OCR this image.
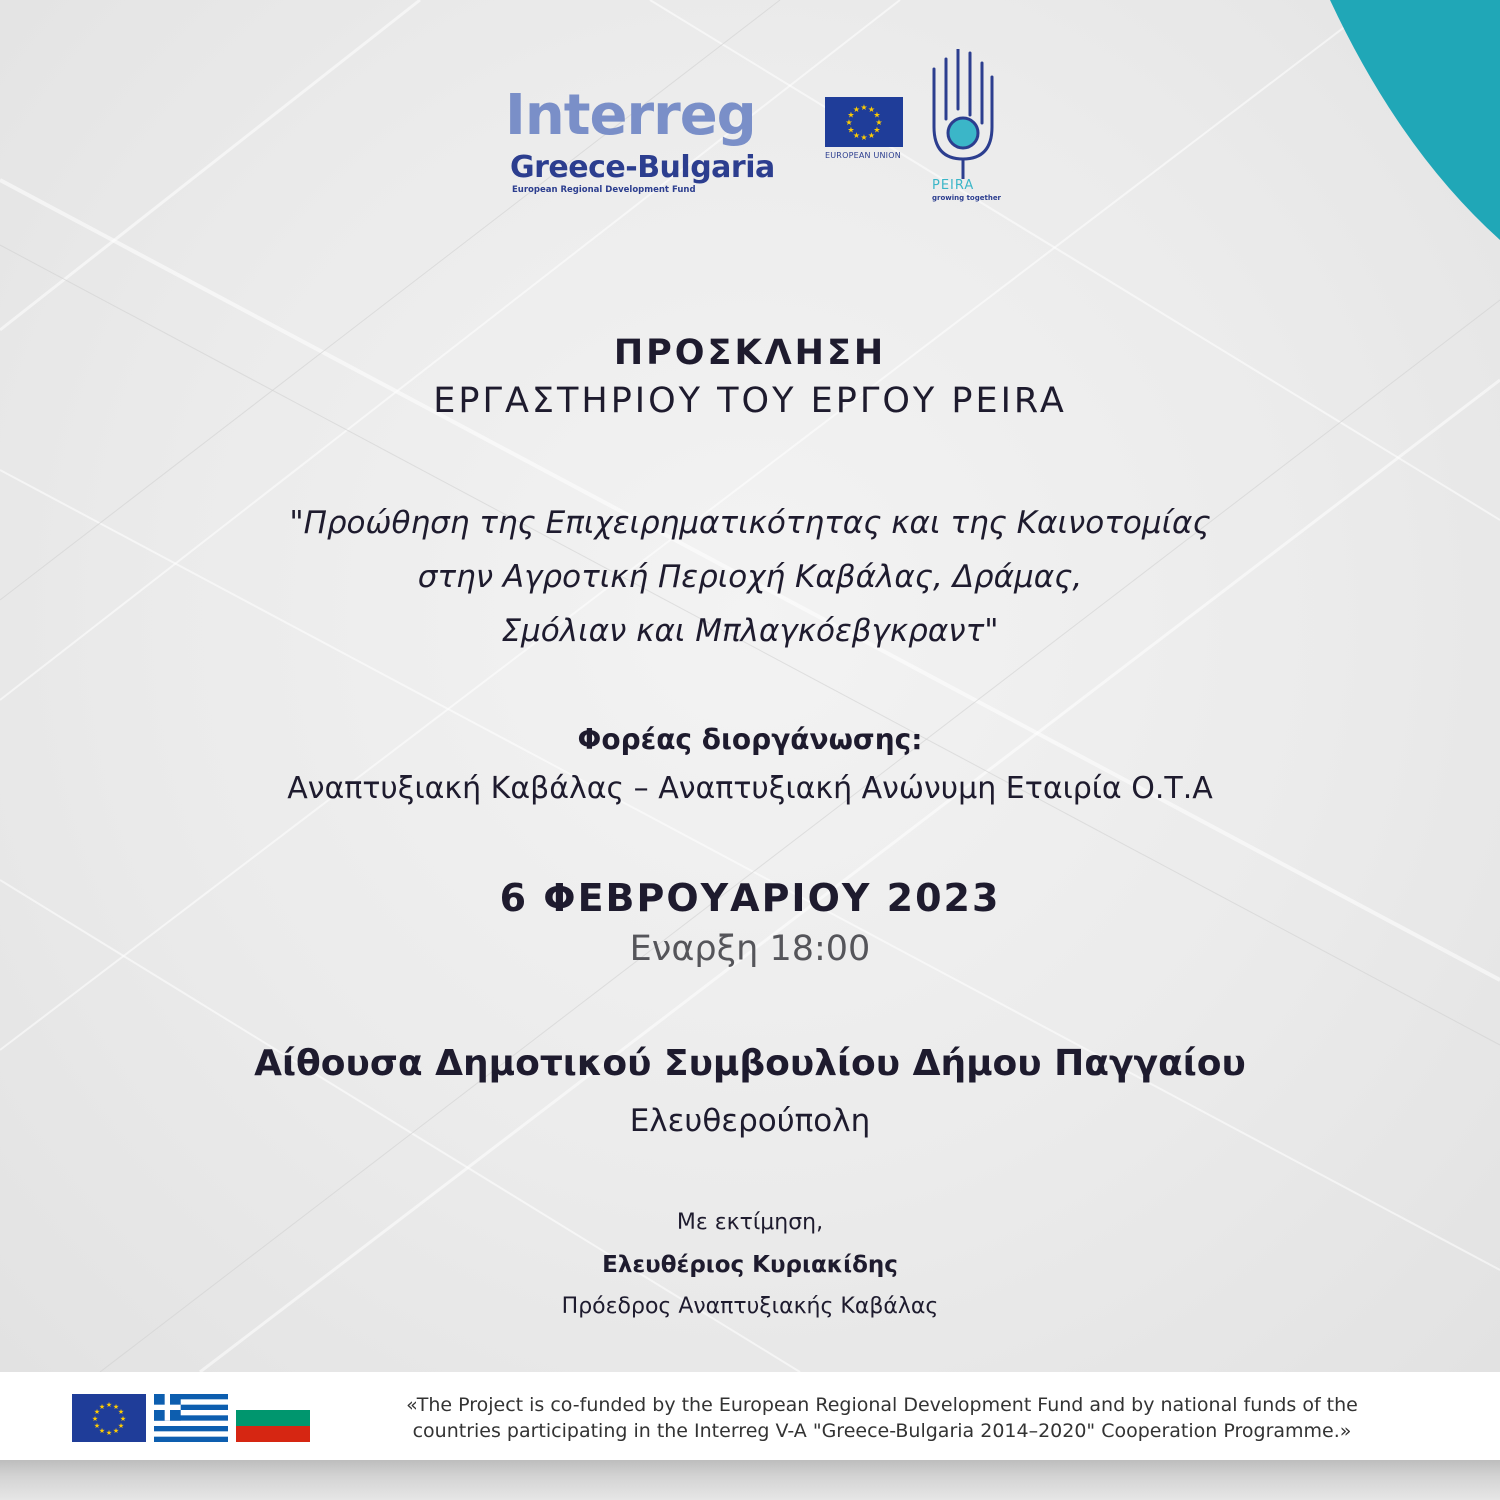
Interreg
Greece-Bulgaria
European Regional Development Fund
★ ★
★
★
★
★
★
★
★
★
★
★
EUROPEAN UNION
PEIRA
growing together
ΠΡΟΣΚΛΗΣΗ
ΕΡΓΑΣΤΗΡΙΟΥ ΤΟΥ ΕΡΓΟΥ PEIRA
"Προώθηση της Επιχειρηματικότητας και της Καινοτομίας
στην Αγροτική Περιοχή Καβάλας, Δράμας,
Σμόλιαν και Μπλαγκόεβγκραντ"
Φορέας διοργάνωσης:
Αναπτυξιακή Καβάλας – Αναπτυξιακή Ανώνυμη Εταιρία Ο.Τ.Α
6 ΦΕΒΡΟΥΑΡΙΟΥ 2023
Εναρξη 18:00
Αίθουσα Δημοτικού Συμβουλίου Δήμου Παγγαίου
Ελευθερούπολη
Με εκτίμηση,
Ελευθέριος Κυριακίδης
Πρόεδρος Αναπτυξιακής Καβάλας
★ ★
★
★
★
★
★
★
★
★
★
★	«The Project is co-funded by the European Regional Development Fund and by national funds of the
countries participating in the Interreg V-A "Greece-Bulgaria 2014–2020" Cooperation Programme.»
